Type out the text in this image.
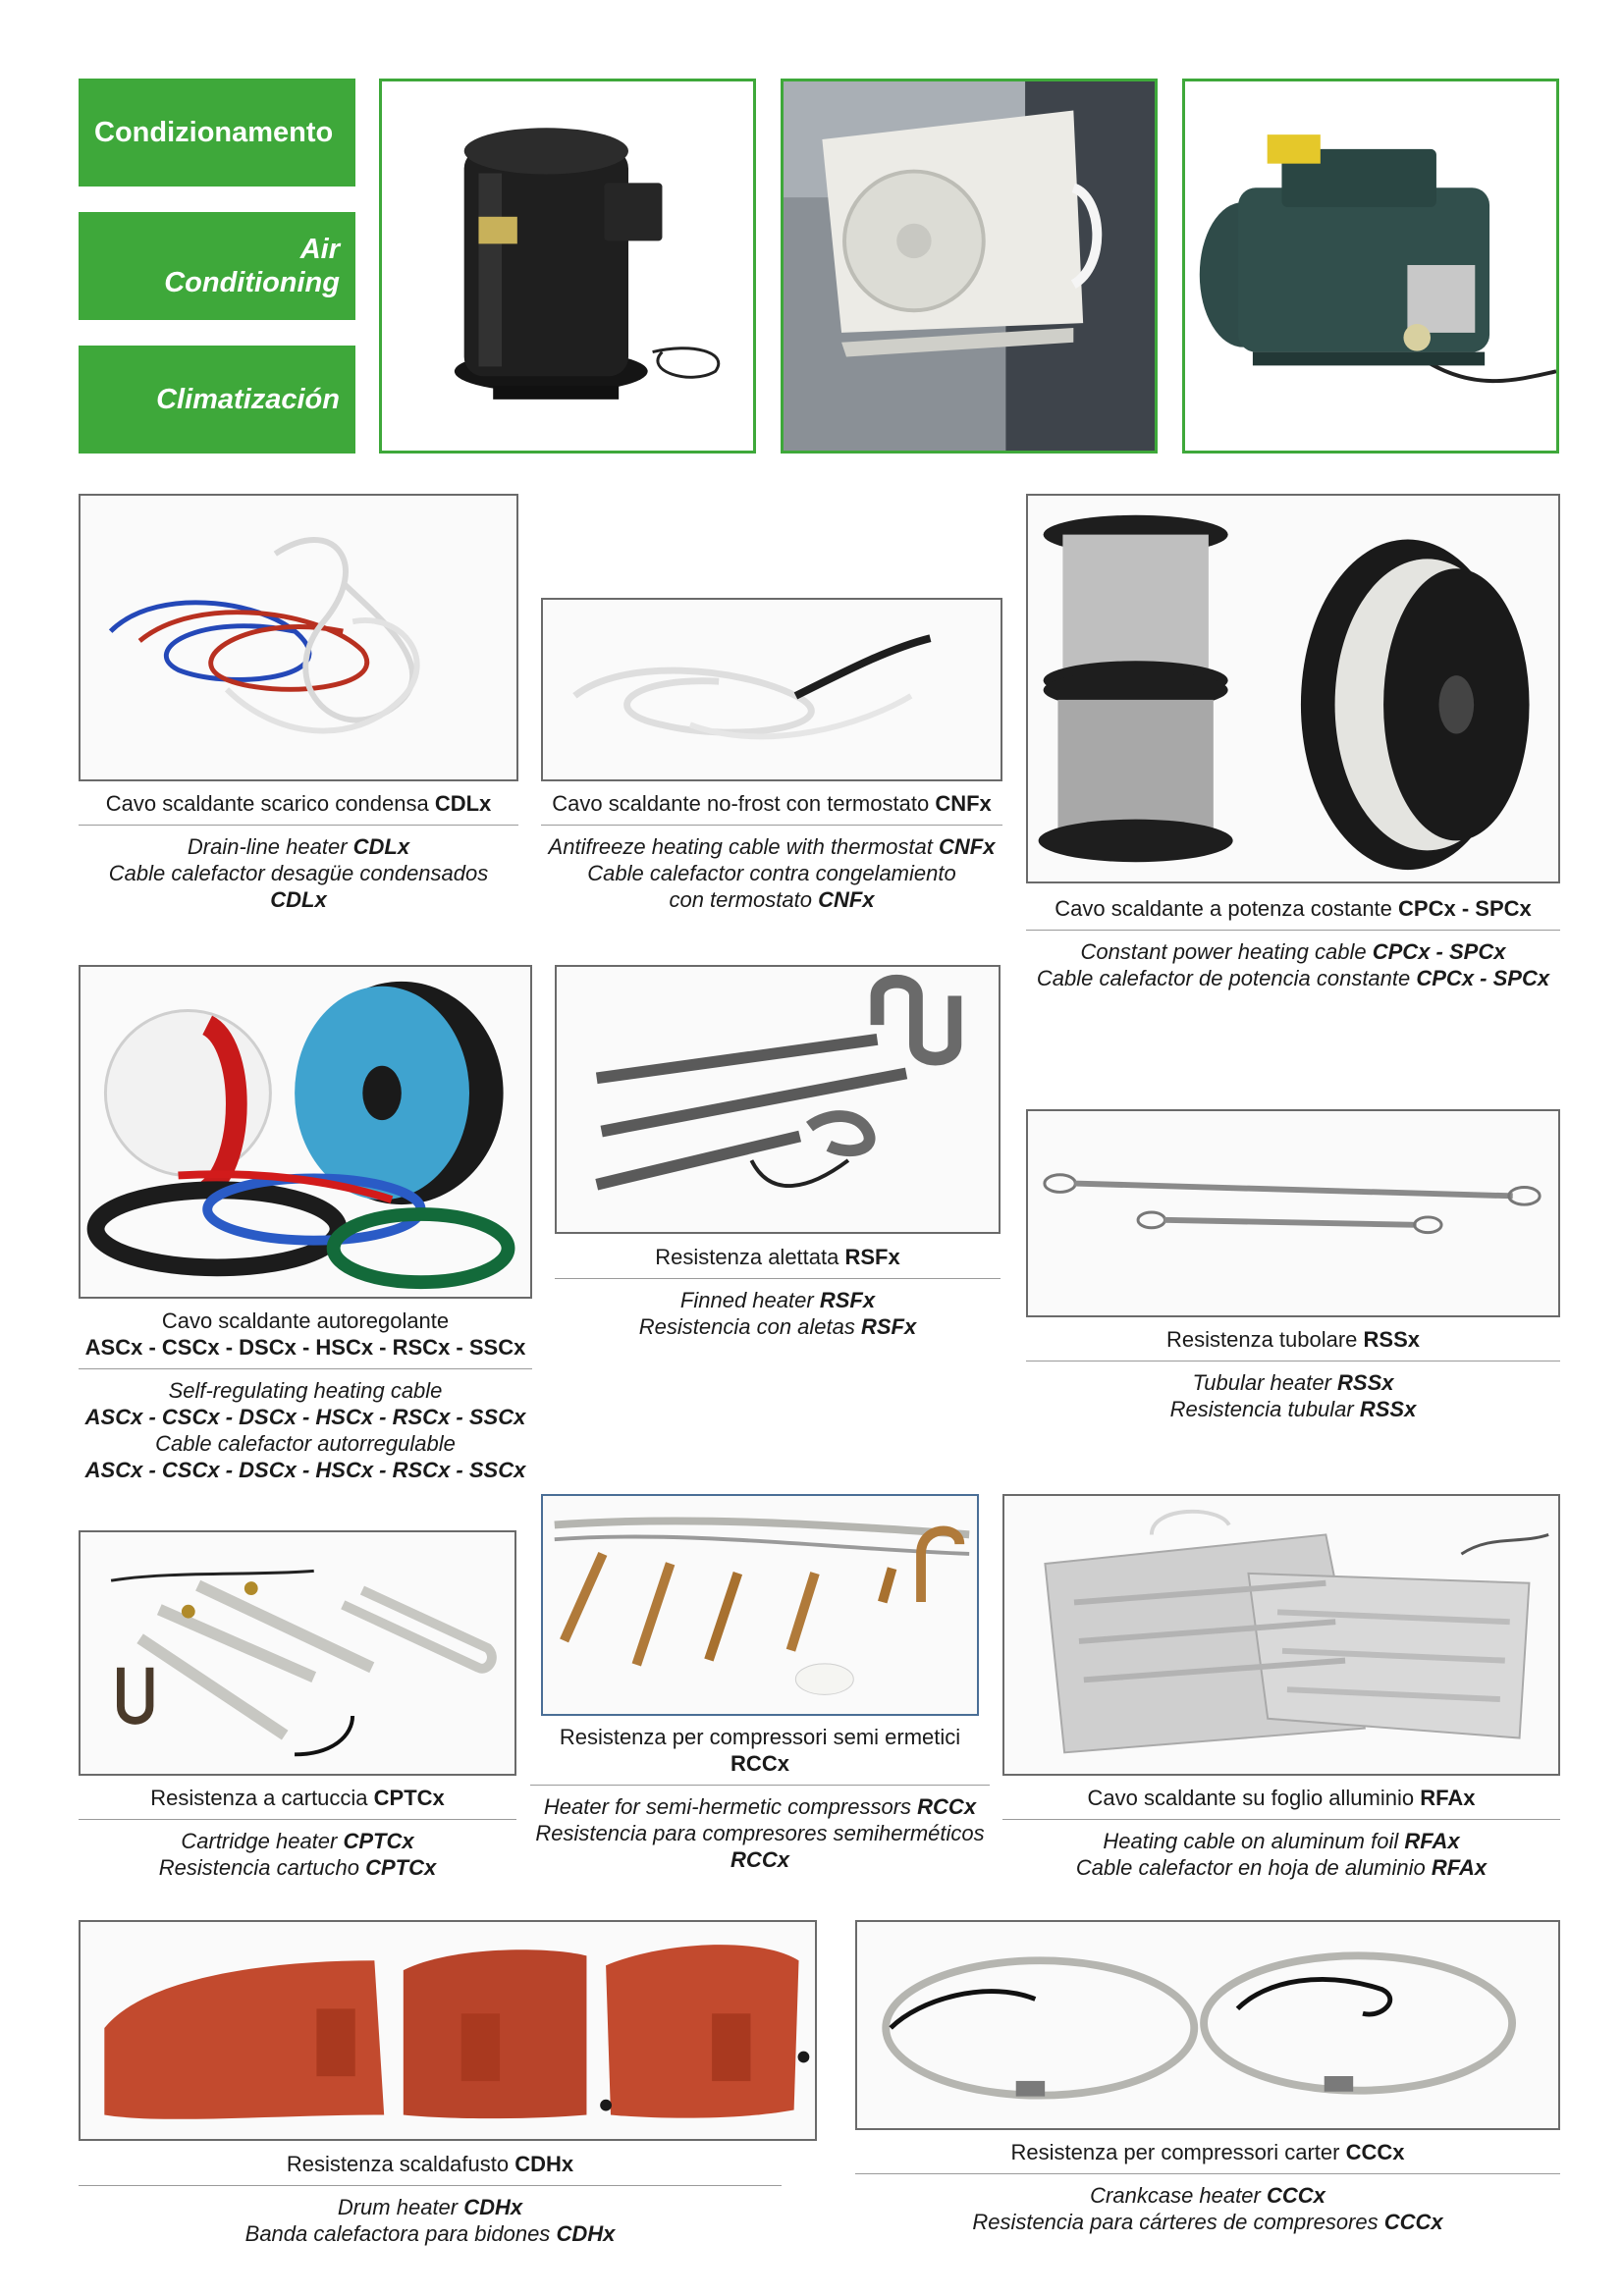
Condizionamento
Air
Conditioning
Climatización
Cavo scaldante scarico condensa CDLx
Drain-line heater CDLx
Cable calefactor desagüe condensados CDLx
Cavo scaldante no-frost con termostato CNFx
Antifreeze heating cable with thermostat CNFx
Cable calefactor contra congelamiento
con termostato CNFx	Cavo scaldante a potenza costante CPCx - SPCx
Constant power heating cable CPCx - SPCx
Cable calefactor de potencia constante CPCx - SPCx
Cavo scaldante autoregolante
ASCx - CSCx - DSCx - HSCx - RSCx - SSCx
Self-regulating heating cable
ASCx - CSCx - DSCx - HSCx - RSCx - SSCx
Cable calefactor autorregulable
ASCx - CSCx - DSCx - HSCx - RSCx - SSCx
Resistenza alettata RSFx
Finned heater RSFx
Resistencia con aletas RSFx
Resistenza tubolare RSSx
Tubular heater RSSx
Resistencia tubular RSSx
Resistenza a cartuccia CPTCx
Cartridge heater CPTCx
Resistencia cartucho CPTCx
Resistenza per compressori semi ermetici RCCx
Heater for semi-hermetic compressors RCCx
Resistencia para compresores semiherméticos
RCCx
Cavo scaldante su foglio alluminio RFAx
Heating cable on aluminum foil RFAx
Cable calefactor en hoja de aluminio RFAx
Resistenza scaldafusto CDHx
Drum heater CDHx
Banda calefactora para bidones CDHx
Resistenza per compressori carter CCCx
Crankcase heater CCCx
Resistencia para cárteres de compresores CCCx
